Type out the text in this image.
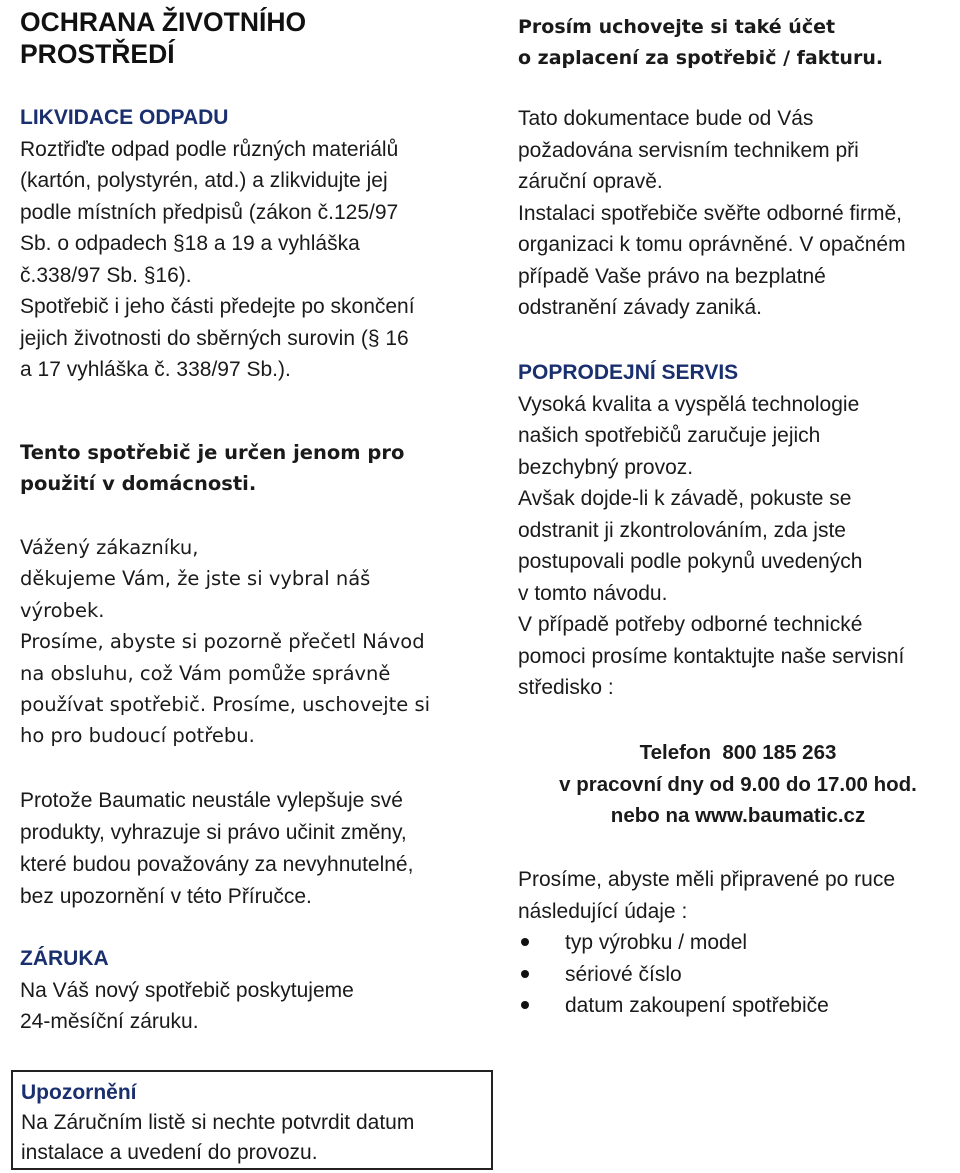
OCHRANA ŽIVOTNÍHO
PROSTŘEDÍ
LIKVIDACE ODPADU
Roztřiďte odpad podle různých materiálů
(kartón, polystyrén, atd.) a zlikvidujte jej
podle místních předpisů (zákon č.125/97
Sb. o odpadech §18 a 19 a vyhláška
č.338/97 Sb. §16).
Spotřebič i jeho části předejte po skončení
jejich životnosti do sběrných surovin (§ 16
a 17 vyhláška č. 338/97 Sb.).
Tento spotřebič je určen jenom pro
použití v domácnosti.
Vážený zákazníku,
děkujeme Vám, že jste si vybral náš
výrobek.
Prosíme, abyste si pozorně přečetl Návod
na obsluhu, což Vám pomůže správně
používat spotřebič. Prosíme, uschovejte si
ho pro budoucí potřebu.
Protože Baumatic neustále vylepšuje své
produkty, vyhrazuje si právo učinit změny,
které budou považovány za nevyhnutelné,
bez upozornění v této Příručce.
ZÁRUKA
Na Váš nový spotřebič poskytujeme
24-měsíční záruku.
Upozornění
Na Záručním listě si nechte potvrdit datum
instalace a uvedení do provozu.
Prosím uchovejte si také účet
o zaplacení za spotřebič / fakturu.
Tato dokumentace bude od Vás
požadována servisním technikem při
záruční opravě.
Instalaci spotřebiče svěřte odborné firmě,
organizaci k tomu oprávněné. V opačném
případě Vaše právo na bezplatné
odstranění závady zaniká.
POPRODEJNÍ SERVIS
Vysoká kvalita a vyspělá technologie
našich spotřebičů zaručuje jejich
bezchybný provoz.
Avšak dojde-li k závadě, pokuste se
odstranit ji zkontrolováním, zda jste
postupovali podle pokynů uvedených
v tomto návodu.
V případě potřeby odborné technické
pomoci prosíme kontaktujte naše servisní
středisko :
Telefon  800 185 263
v pracovní dny od 9.00 do 17.00 hod.
nebo na www.baumatic.cz
Prosíme, abyste měli připravené po ruce
následující údaje :
typ výrobku / model
sériové číslo
datum zakoupení spotřebiče
